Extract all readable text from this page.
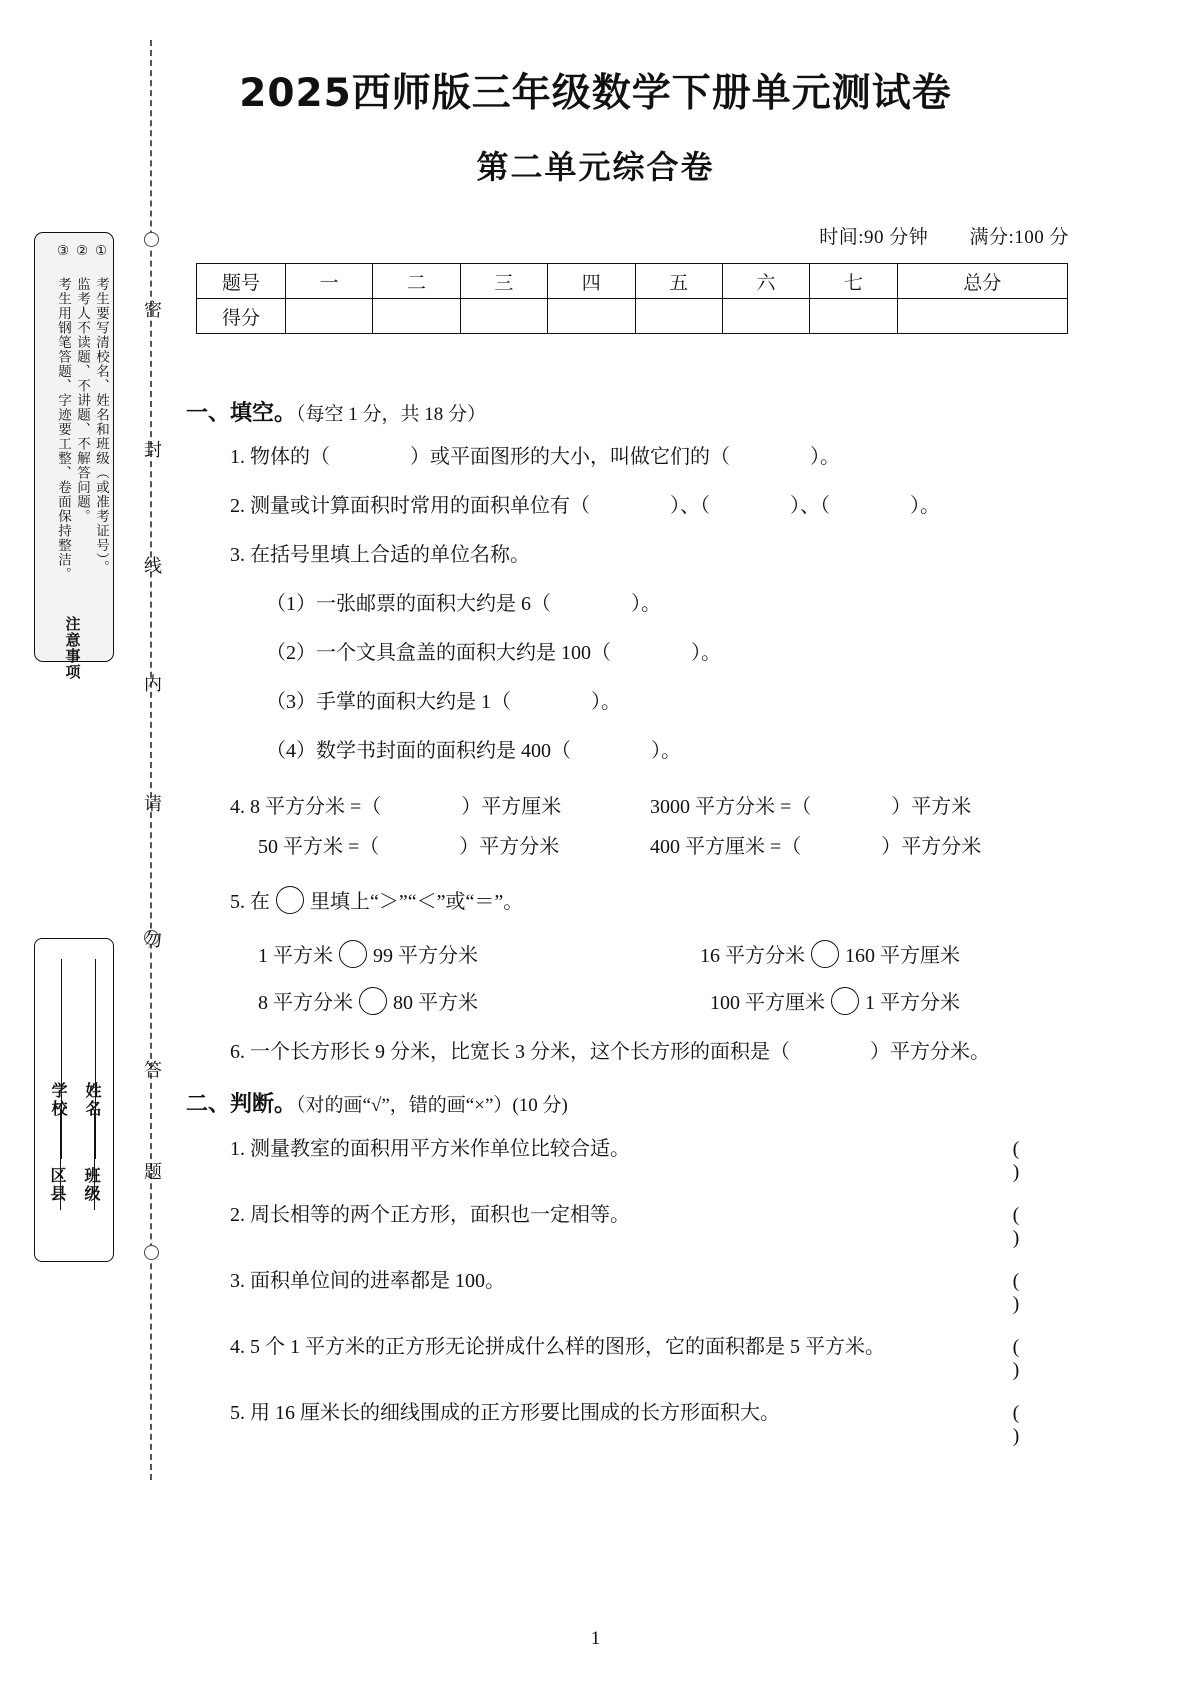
2025西师版三年级数学下册单元测试卷
第二单元综合卷
时间:90 分钟 满分:100 分
题号	一	二	三	四	五	六	七	总分
得分								
密
封
线
内
请
勿
答
题
① 考生要写清校名、姓名和班级（或准考证号）。
② 监考人不读题、不讲题、不解答问题。
③ 考生用钢笔答题、字迹要工整、卷面保持整洁。
注意事项
学校 姓名
区县 班级
一、填空。（每空 1 分，共 18 分）
1. 物体的（　　　　）或平面图形的大小，叫做它们的（　　　　）。
2. 测量或计算面积时常用的面积单位有（　　　　）、（　　　　）、（　　　　）。
3. 在括号里填上合适的单位名称。
（1）一张邮票的面积大约是 6（　　　　）。
（2）一个文具盒盖的面积大约是 100（　　　　）。
（3）手掌的面积大约是 1（　　　　）。
（4）数学书封面的面积约是 400（　　　　）。
4. 8 平方分米 =（　　　　）平方厘米	3000 平方分米 =（　　　　）平方米
50 平方米 =（　　　　）平方分米	400 平方厘米 =（　　　　）平方分米
5. 在 里填上“＞”“＜”或“＝”。
1 平方米 99 平方分米	16 平方分米 160 平方厘米
8 平方分米 80 平方米	100 平方厘米 1 平方分米
6. 一个长方形长 9 分米，比宽长 3 分米，这个长方形的面积是（　　　　）平方分米。
二、判断。（对的画“√”，错的画“×”）(10 分)
1. 测量教室的面积用平方米作单位比较合适。	( )
2. 周长相等的两个正方形，面积也一定相等。	( )
3. 面积单位间的进率都是 100。	( )
4. 5 个 1 平方米的正方形无论拼成什么样的图形，它的面积都是 5 平方米。	( )
5. 用 16 厘米长的细线围成的正方形要比围成的长方形面积大。	( )
1
